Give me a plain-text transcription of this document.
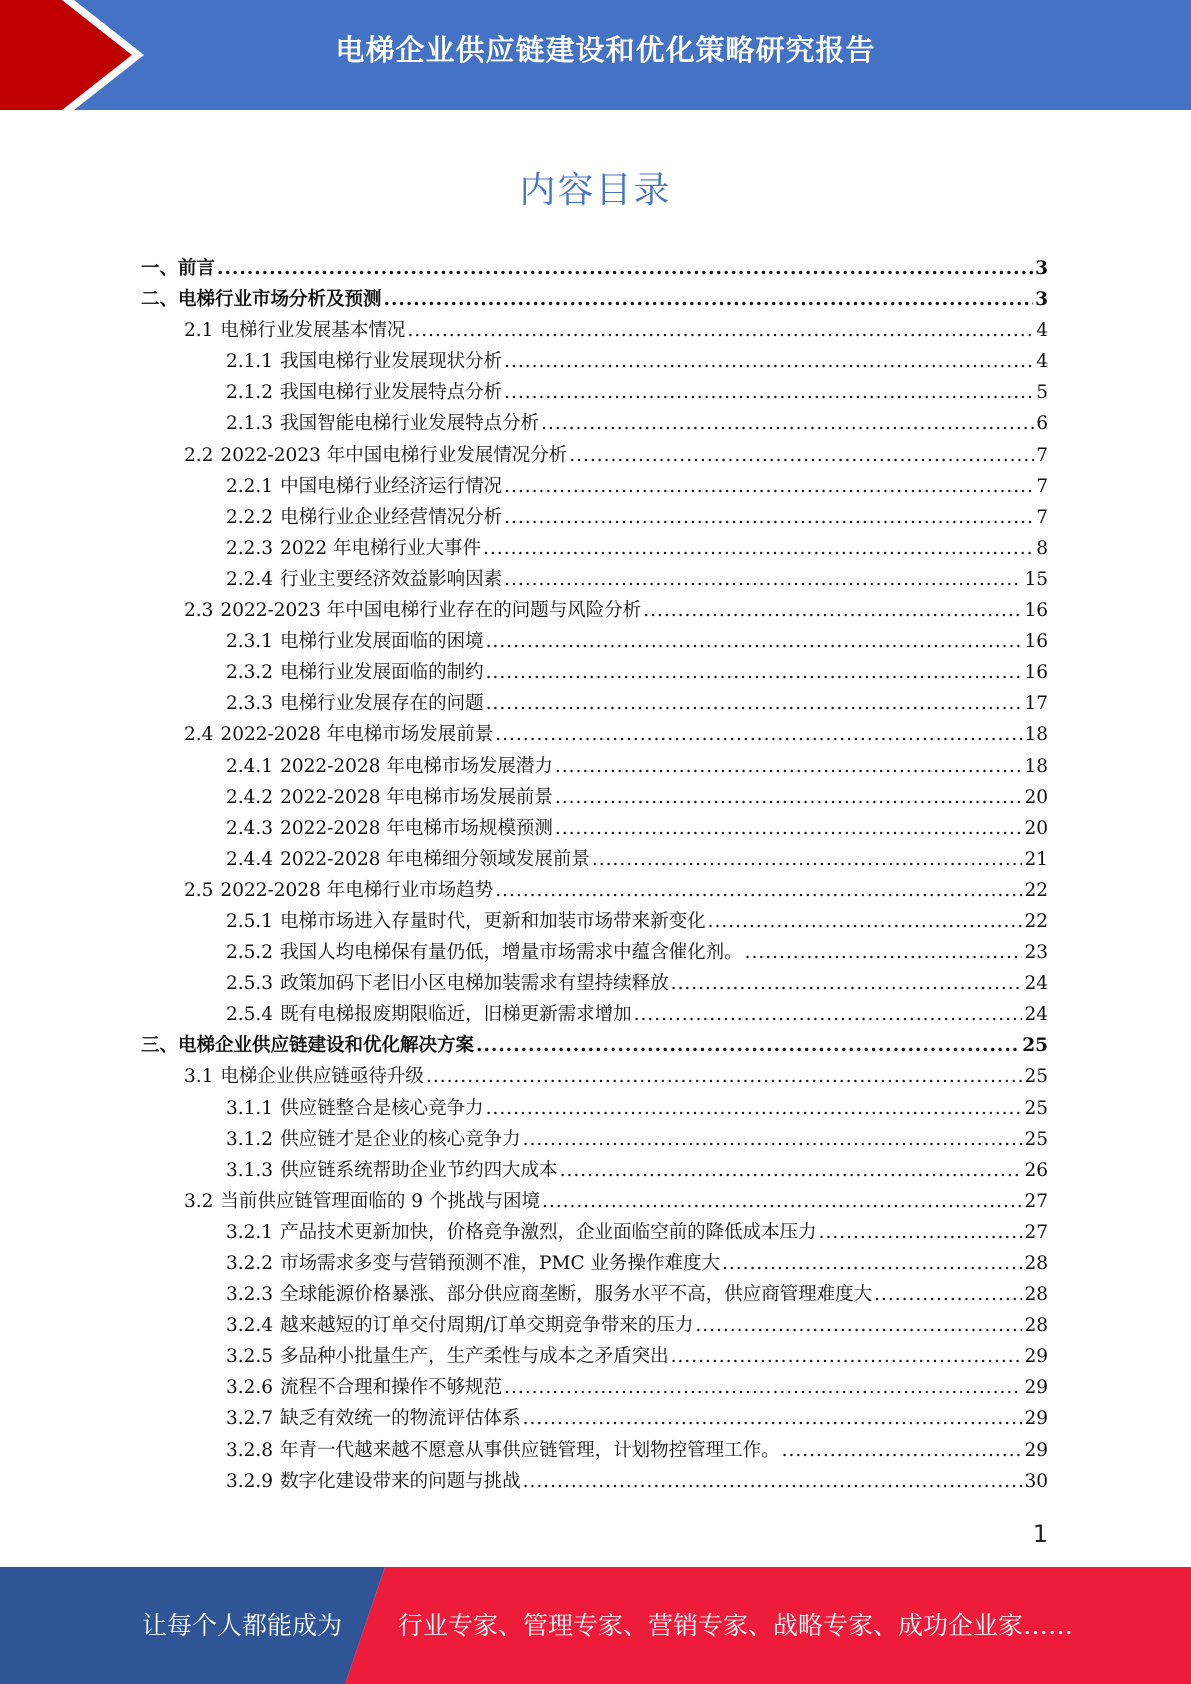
电梯企业供应链建设和优化策略研究报告
内容目录
一、前言 .....	3
二、电梯行业市场分析及预测 .....	3
2.1 电梯行业发展基本情况 .....	4
2.1.1 我国电梯行业发展现状分析 .....	4
2.1.2 我国电梯行业发展特点分析 .....	5
2.1.3 我国智能电梯行业发展特点分析 .....	6
2.2 2022-2023 年中国电梯行业发展情况分析 .....	7
2.2.1 中国电梯行业经济运行情况 .....	7
2.2.2 电梯行业企业经营情况分析 .....	7
2.2.3 2022 年电梯行业大事件 .....	8
2.2.4 行业主要经济效益影响因素 .....	15
2.3 2022-2023 年中国电梯行业存在的问题与风险分析 .....	16
2.3.1 电梯行业发展面临的困境 .....	16
2.3.2 电梯行业发展面临的制约 .....	16
2.3.3 电梯行业发展存在的问题 .....	17
2.4 2022-2028 年电梯市场发展前景 .....	18
2.4.1 2022-2028 年电梯市场发展潜力 .....	18
2.4.2 2022-2028 年电梯市场发展前景 .....	20
2.4.3 2022-2028 年电梯市场规模预测 .....	20
2.4.4 2022-2028 年电梯细分领域发展前景 .....	21
2.5 2022-2028 年电梯行业市场趋势 .....	22
2.5.1 电梯市场进入存量时代，更新和加装市场带来新变化 .....	22
2.5.2 我国人均电梯保有量仍低，增量市场需求中蕴含催化剂。 .....	23
2.5.3 政策加码下老旧小区电梯加装需求有望持续释放 .....	24
2.5.4 既有电梯报废期限临近，旧梯更新需求增加 .....	24
三、电梯企业供应链建设和优化解决方案 .....	25
3.1 电梯企业供应链亟待升级 .....	25
3.1.1 供应链整合是核心竞争力 .....	25
3.1.2 供应链才是企业的核心竞争力 .....	25
3.1.3 供应链系统帮助企业节约四大成本 .....	26
3.2 当前供应链管理面临的 9 个挑战与困境 .....	27
3.2.1 产品技术更新加快，价格竞争激烈，企业面临空前的降低成本压力 .....	27
3.2.2 市场需求多变与营销预测不准，PMC 业务操作难度大 .....	28
3.2.3 全球能源价格暴涨、部分供应商垄断，服务水平不高，供应商管理难度大 .....	28
3.2.4 越来越短的订单交付周期/订单交期竞争带来的压力 .....	28
3.2.5 多品种小批量生产，生产柔性与成本之矛盾突出 .....	29
3.2.6 流程不合理和操作不够规范 .....	29
3.2.7 缺乏有效统一的物流评估体系 .....	29
3.2.8 年青一代越来越不愿意从事供应链管理，计划物控管理工作。 .....	29
3.2.9 数字化建设带来的问题与挑战 .....	30
1
让每个人都能成为 行业专家、管理专家、营销专家、战略专家、成功企业家……
